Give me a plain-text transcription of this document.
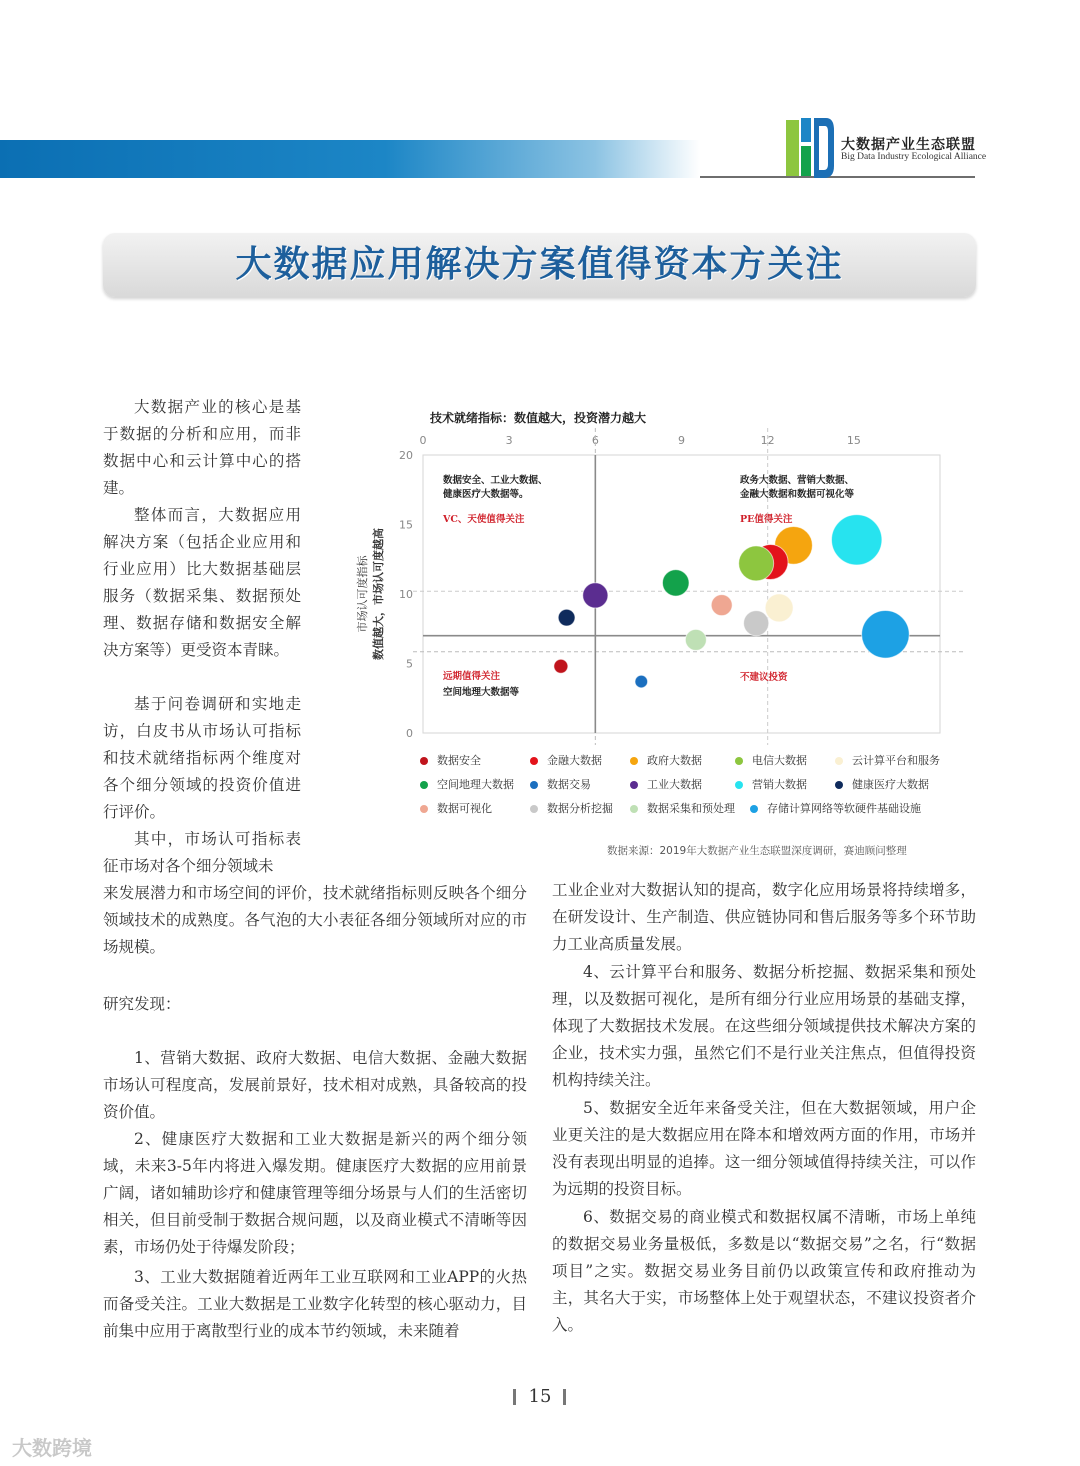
大数据产业生态联盟
Big Data Industry Ecological Alliance
大数据应用解决方案值得资本方关注
大数据产业的核心是基于数据的分析和应用，而非数据中心和云计算中心的搭建。
整体而言，大数据应用解决方案（包括企业应用和行业应用）比大数据基础层服务（数据采集、数据预处理、数据存储和数据安全解决方案等）更受资本青睐。
基于问卷调研和实地走访，白皮书从市场认可指标和技术就绪指标两个维度对各个细分领域的投资价值进行评价。
其中，市场认可指标表征市场对各个细分领域未
技术就绪指标：数值越大，投资潜力越大
0	3	6	9	12	15
0
5
10
15
20
市场认可度指标 数值越大，市场认可度越高
数据安全、工业大数据、
健康医疗大数据等。
VC、天使值得关注
政务大数据、营销大数据、
金融大数据和数据可视化等
PE值得关注
远期值得关注
空间地理大数据等
不建议投资
数据安全	金融大数据	政府大数据	电信大数据	云计算平台和服务
空间地理大数据	数据交易	工业大数据	营销大数据	健康医疗大数据
数据可视化	数据分析挖掘	数据采集和预处理	存储计算网络等软硬件基础设施
数据来源：2019年大数据产业生态联盟深度调研，赛迪顾问整理
来发展潜力和市场空间的评价，技术就绪指标则反映各个细分领域技术的成熟度。各气泡的大小表征各细分领域所对应的市场规模。
研究发现：
1、营销大数据、政府大数据、电信大数据、金融大数据市场认可程度高，发展前景好，技术相对成熟，具备较高的投资价值。
2、健康医疗大数据和工业大数据是新兴的两个细分领域，未来3-5年内将进入爆发期。健康医疗大数据的应用前景广阔，诸如辅助诊疗和健康管理等细分场景与人们的生活密切相关，但目前受制于数据合规问题，以及商业模式不清晰等因素，市场仍处于待爆发阶段；
3、工业大数据随着近两年工业互联网和工业APP的火热而备受关注。工业大数据是工业数字化转型的核心驱动力，目前集中应用于离散型行业的成本节约领域，未来随着
工业企业对大数据认知的提高，数字化应用场景将持续增多，在研发设计、生产制造、供应链协同和售后服务等多个环节助力工业高质量发展。
4、云计算平台和服务、数据分析挖掘、数据采集和预处理，以及数据可视化，是所有细分行业应用场景的基础支撑，体现了大数据技术发展。在这些细分领域提供技术解决方案的企业，技术实力强，虽然它们不是行业关注焦点，但值得投资机构持续关注。
5、数据安全近年来备受关注，但在大数据领域，用户企业更关注的是大数据应用在降本和增效两方面的作用，市场并没有表现出明显的追捧。这一细分领域值得持续关注，可以作为远期的投资目标。
6、数据交易的商业模式和数据权属不清晰，市场上单纯的数据交易业务量极低，多数是以“数据交易”之名，行“数据项目”之实。数据交易业务目前仍以政策宣传和政府推动为主，其名大于实，市场整体上处于观望状态，不建议投资者介入。
15
大数跨境
